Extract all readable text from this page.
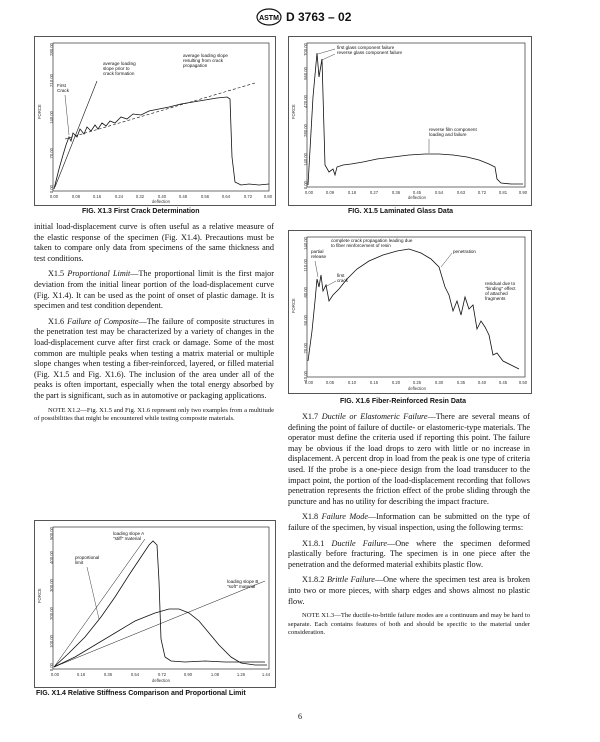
ASTM D 3763 – 02
FORCE
0.00
70.00
140.00
210.00
280.00
0.00	0.08	0.16	0.24	0.32	0.40	0.48	0.56	0.64	0.72	0.80
deflection
First Crack
average loading slope prior to crack formation
average loading slope resulting from crack propagation
FIG. X1.3 First Crack Determination
FORCE
0.00
140.00
280.00
420.00
560.00
700.00
0.00	0.09	0.18	0.27	0.36	0.45	0.54	0.63	0.72	0.81	0.90
deflection
first glass component failure reverse glass component failure
reverse film component loading and failure
FIG. X1.5 Laminated Glass Data

initial load-displacement curve is often useful as a relative measure of the elastic response of the specimen (Fig. X1.4). Precautions must be taken to compare only data from specimens of the same thickness and test conditions.

X1.5 Proportional Limit—The proportional limit is the first major deviation from the initial linear portion of the load-displacement curve (Fig. X1.4). It can be used as the point of onset of plastic damage. It is specimen and test condition dependent.

X1.6 Failure of Composite—The failure of composite structures in the penetration test may be characterized by a variety of changes in the load-displacement curve after first crack or damage. Some of the most common are multiple peaks when testing a matrix material or multiple slope changes when testing a fiber-reinforced, layered, or filled material (Fig. X1.5 and Fig. X1.6). The inclusion of the area under all of the peaks is often important, especially when the total energy absorbed by the part is significant, such as in automotive or packaging applications.

NOTE X1.2—Fig. X1.5 and Fig. X1.6 represent only two examples from a multitude of possibilities that might be encountered while testing composite materials.

FORCE
-10.00
20.00
50.00
80.00
110.00
140.00
0.00	0.05	0.10	0.15	0.20	0.25	0.30	0.35	0.40	0.45	0.50
deflection
complete crack propagation leading due to fiber reinforcement of resin
partial release
first crack
penetration
residual due to "binding" effect of attached fragments
FIG. X1.6 Fiber-Reinforced Resin Data

X1.7 Ductile or Elastomeric Failure—There are several means of defining the point of failure of ductile- or elastomeric-type materials. The operator must define the criteria used if reporting this point. The failure may be obvious if the load drops to zero with little or no increase in displacement. A percent drop in load from the peak is one type of criteria used. If the probe is a one-piece design from the load transducer to the impact point, the portion of the load-displacement recording that follows penetration represents the friction effect of the probe sliding through the puncture and has no utility for describing the impact fracture.

X1.8 Failure Mode—Information can be submitted on the type of failure of the specimen, by visual inspection, using the following terms:

X1.8.1 Ductile Failure—One where the specimen deformed plastically before fracturing. The specimen is in one piece after the penetration and the deformed material exhibits plastic flow.

X1.8.2 Brittle Failure—One where the specimen test area is broken into two or more pieces, with sharp edges and shows almost no plastic flow.

NOTE X1.3—The ductile-to-brittle failure modes are a continuum and may be hard to separate. Each contains features of both and should be specific to the material under consideration.

FORCE
0.00
100.00
200.00
300.00
400.00
500.00
0.00	0.18	0.36	0.54	0.72	0.90	1.08	1.26	1.44
deflection
loading slope A "stiff" material
proportional limit
loading slope B "soft" material
FIG. X1.4 Relative Stiffness Comparison and Proportional Limit
6
